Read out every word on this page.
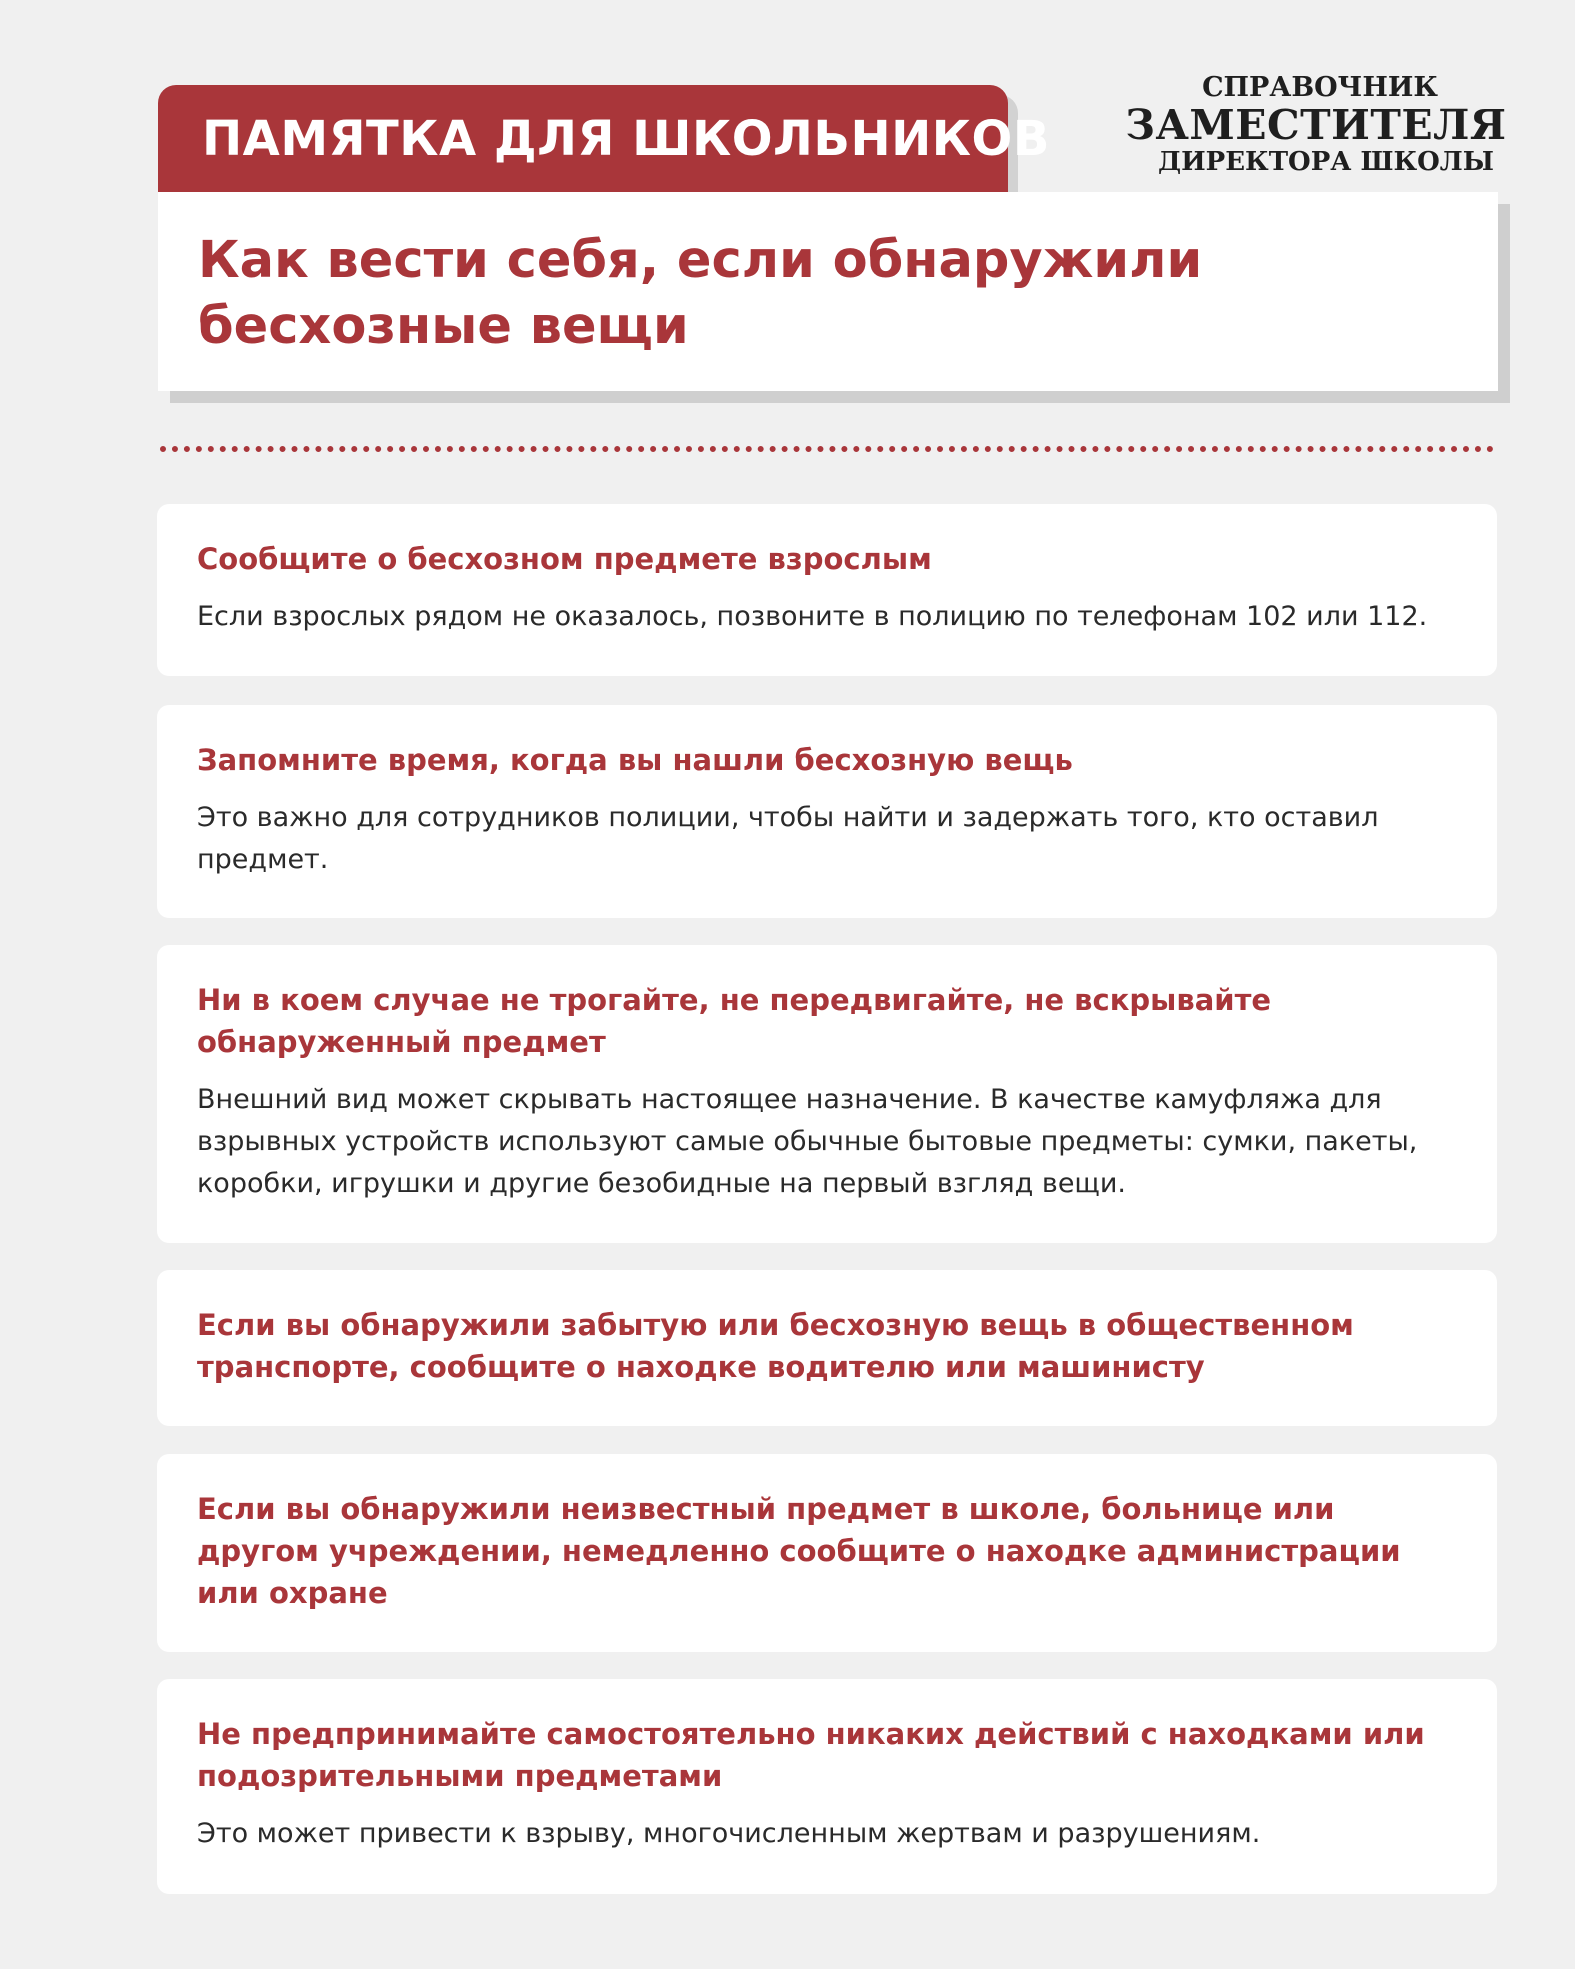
ПАМЯТКА ДЛЯ ШКОЛЬНИКОВ
СПРАВОЧНИК
ЗАМЕСТИТЕЛЯ
ДИРЕКТОРА ШКОЛЫ
Как вести себя, если обнаружили бесхозные вещи
Сообщите о бесхозном предмете взрослым

Если взрослых рядом не оказалось, позвоните в полицию по телефонам 102 или 112.

Запомните время, когда вы нашли бесхозную вещь

Это важно для сотрудников полиции, чтобы найти и задержать того, кто оставил предмет.

Ни в коем случае не трогайте, не передвигайте, не вскрывайте обнаруженный предмет

Внешний вид может скрывать настоящее назначение. В качестве камуфляжа для взрывных устройств используют самые обычные бытовые предметы: сумки, пакеты, коробки, игрушки и другие безобидные на первый взгляд вещи.

Если вы обнаружили забытую или бесхозную вещь в общественном транспорте, сообщите о находке водителю или машинисту
Если вы обнаружили неизвестный предмет в школе, больнице или другом учреждении, немедленно сообщите о находке администрации или охране
Не предпринимайте самостоятельно никаких действий с находками или подозрительными предметами

Это может привести к взрыву, многочисленным жертвам и разрушениям.
